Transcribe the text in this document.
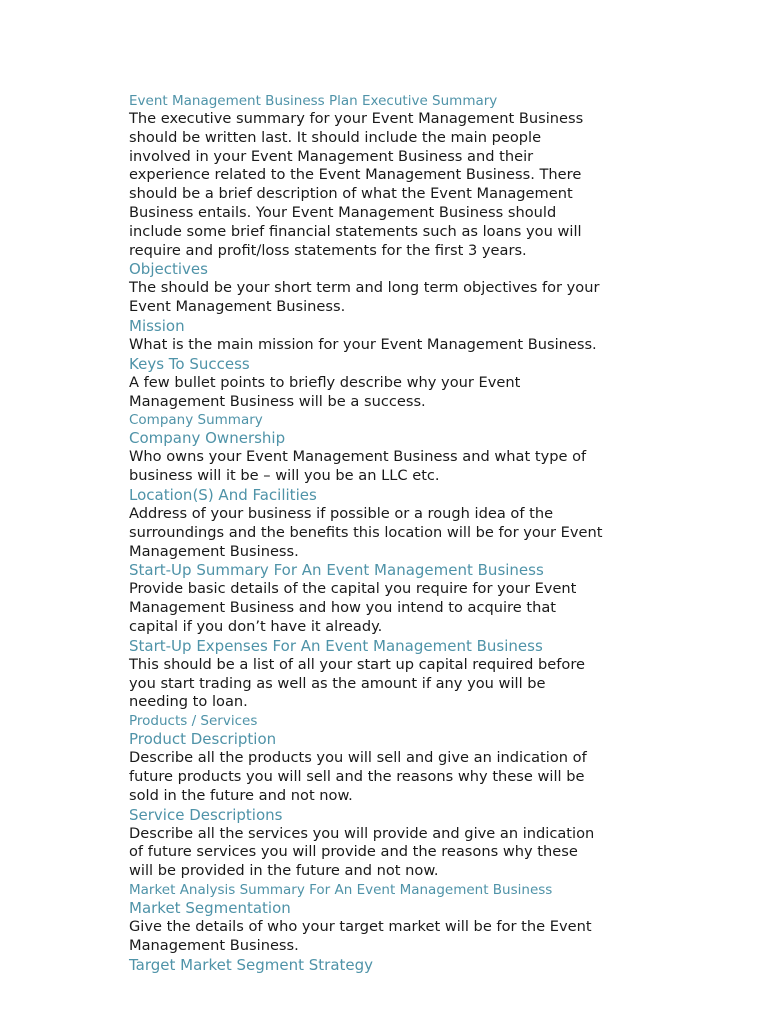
Event Management Business Plan Executive Summary
The executive summary for your Event Management Business
should be written last. It should include the main people
involved in your Event Management Business and their
experience related to the Event Management Business. There
should be a brief description of what the Event Management
Business entails. Your Event Management Business should
include some brief financial statements such as loans you will
require and profit/loss statements for the first 3 years.
Objectives
The should be your short term and long term objectives for your
Event Management Business.
Mission
What is the main mission for your Event Management Business.
Keys To Success
A few bullet points to briefly describe why your Event
Management Business will be a success.
Company Summary
Company Ownership
Who owns your Event Management Business and what type of
business will it be – will you be an LLC etc.
Location(S) And Facilities
Address of your business if possible or a rough idea of the
surroundings and the benefits this location will be for your Event
Management Business.
Start-Up Summary For An Event Management Business
Provide basic details of the capital you require for your Event
Management Business and how you intend to acquire that
capital if you don’t have it already.
Start-Up Expenses For An Event Management Business
This should be a list of all your start up capital required before
you start trading as well as the amount if any you will be
needing to loan.
Products / Services
Product Description
Describe all the products you will sell and give an indication of
future products you will sell and the reasons why these will be
sold in the future and not now.
Service Descriptions
Describe all the services you will provide and give an indication
of future services you will provide and the reasons why these
will be provided in the future and not now.
Market Analysis Summary For An Event Management Business
Market Segmentation
Give the details of who your target market will be for the Event
Management Business.
Target Market Segment Strategy
